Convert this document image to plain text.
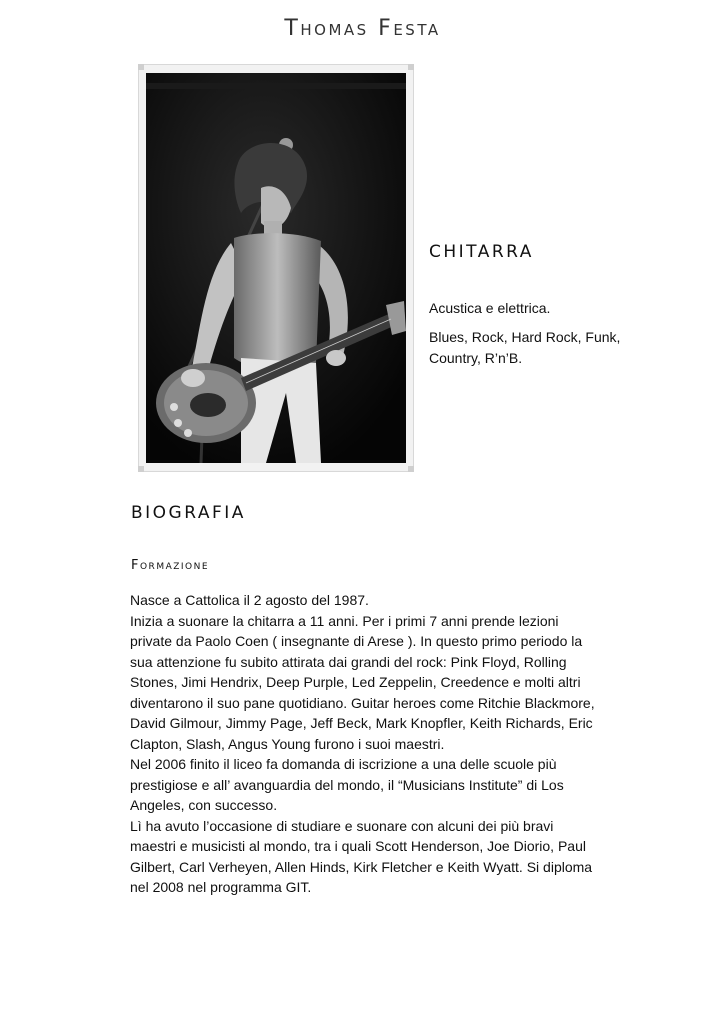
Thomas Festa
CHITARRA

Acustica e elettrica.

Blues, Rock, Hard Rock, Funk, Country, R’n’B.

BIOGRAFIA
Formazione

Nasce a Cattolica il 2 agosto del 1987.

Inizia a suonare la chitarra a 11 anni. Per i primi 7 anni prende lezioni private da Paolo Coen ( insegnante di Arese ). In questo primo periodo la sua attenzione fu subito attirata dai grandi del rock: Pink Floyd, Rolling Stones, Jimi Hendrix, Deep Purple, Led Zeppelin, Creedence e molti altri diventarono il suo pane quotidiano. Guitar heroes come Ritchie Blackmore, David Gilmour, Jimmy Page, Jeff Beck, Mark Knopfler, Keith Richards, Eric Clapton, Slash, Angus Young furono i suoi maestri.

Nel 2006 finito il liceo fa domanda di iscrizione a una delle scuole più prestigiose e all’ avanguardia del mondo, il “Musicians Institute” di Los Angeles, con successo.

Lì ha avuto l’occasione di studiare e suonare con alcuni dei più bravi maestri e musicisti al mondo, tra i quali Scott Henderson, Joe Diorio, Paul Gilbert, Carl Verheyen, Allen Hinds, Kirk Fletcher e Keith Wyatt. Si diploma nel 2008 nel programma GIT.
